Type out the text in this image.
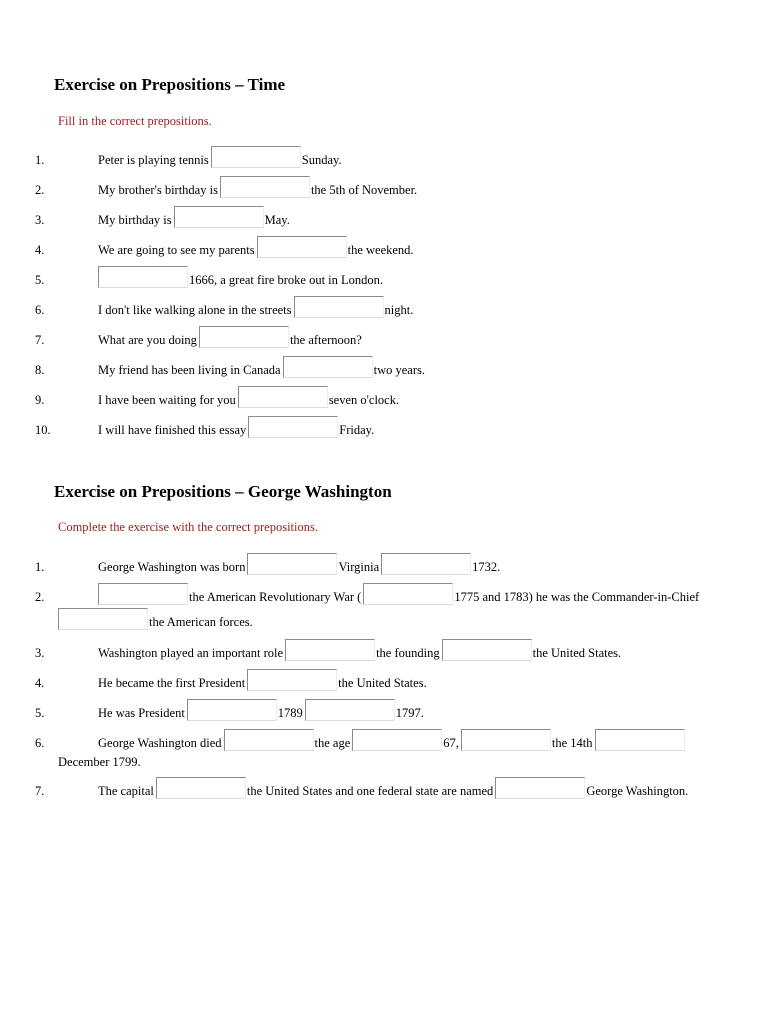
Exercise on Prepositions – Time

Fill in the correct prepositions.

1.	Peter is playing tennis	Sunday.
2.	My brother's birthday is	the 5th of November.
3.	My birthday is	May.
4.	We are going to see my parents	the weekend.
5.	1666, a great fire broke out in London.
6.	I don't like walking alone in the streets	night.
7.	What are you doing	the afternoon?
8.	My friend has been living in Canada	two years.
9.	I have been waiting for you	seven o'clock.
10.	I will have finished this essay	Friday.
Exercise on Prepositions – George Washington

Complete the exercise with the correct prepositions.

1.	George Washington was born	Virginia	1732.
2.	the American Revolutionary War (	1775 and 1783) he was the Commander-in-Chief
the American forces.
3.	Washington played an important role	the founding	the United States.
4.	He became the first President	the United States.
5.	He was President	1789	1797.
6.	George Washington died	the age	67,	the 14th

December 1799.

7.	The capital	the United States and one federal state are named	George Washington.
